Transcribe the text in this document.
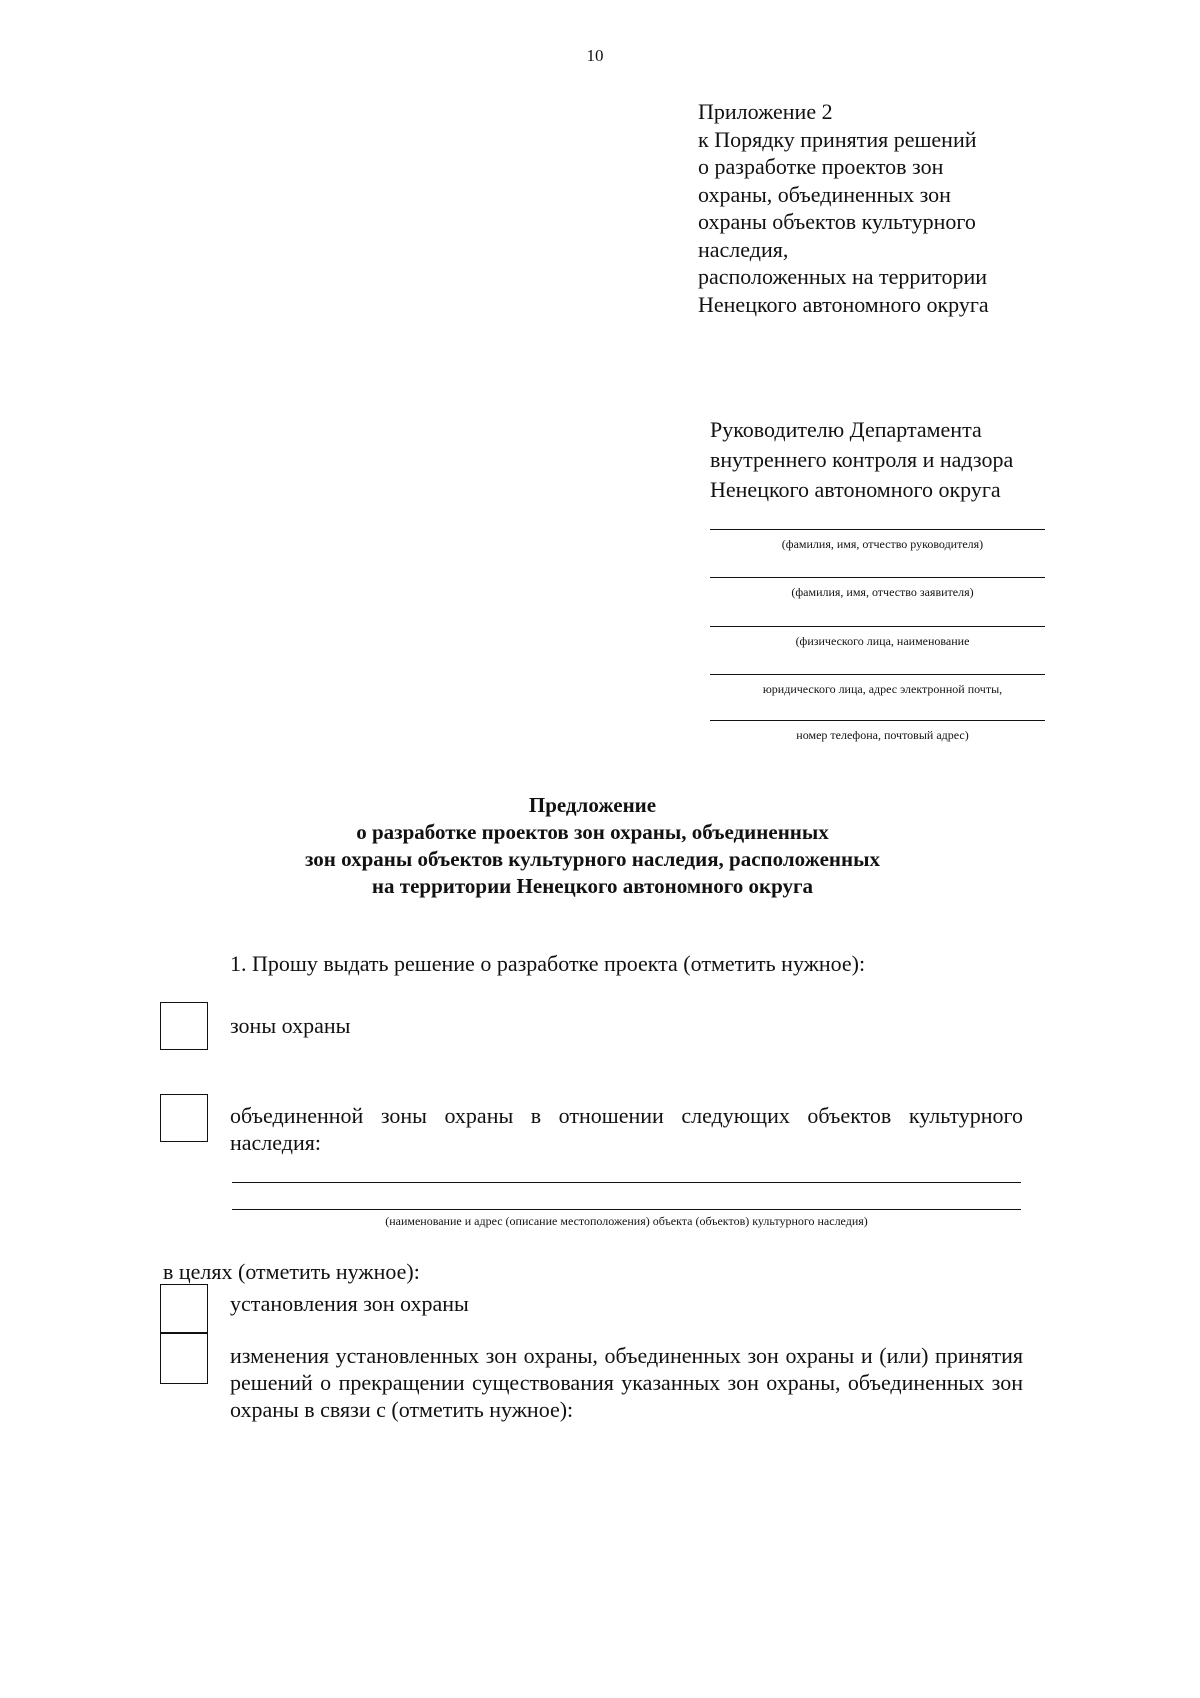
10
Приложение 2
к Порядку принятия решений
о разработке проектов зон
охраны, объединенных зон
охраны объектов культурного
наследия,
расположенных на территории
Ненецкого автономного округа
Руководителю Департамента
внутреннего контроля и надзора
Ненецкого автономного округа
(фамилия, имя, отчество руководителя)
(фамилия, имя, отчество заявителя)
(физического лица, наименование
юридического лица, адрес электронной почты,
номер телефона, почтовый адрес)
Предложение
о разработке проектов зон охраны, объединенных
зон охраны объектов культурного наследия, расположенных
на территории Ненецкого автономного округа
1. Прошу выдать решение о разработке проекта (отметить нужное):
зоны охраны
объединенной зоны охраны в отношении следующих объектов культурного наследия:
(наименование и адрес (описание местоположения) объекта (объектов) культурного наследия)
в целях (отметить нужное):
установления зон охраны
изменения установленных зон охраны, объединенных зон охраны и (или) принятия решений о прекращении существования указанных зон охраны, объединенных зон охраны в связи с (отметить нужное):
